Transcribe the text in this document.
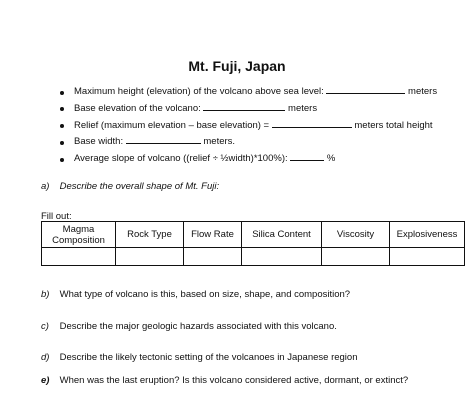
Mt. Fuji, Japan
Maximum height (elevation) of the volcano above sea level:	meters
Base elevation of the volcano:	meters
Relief (maximum elevation – base elevation) =	meters total height
Base width:	meters.
Average slope of volcano ((relief ÷ ½width)*100%):	%
a) Describe the overall shape of Mt. Fuji:
Fill out:
Magma Composition	Rock Type	Flow Rate	Silica Content	Viscosity	Explosiveness

b) What type of volcano is this, based on size, shape, and composition?
c) Describe the major geologic hazards associated with this volcano.
d) Describe the likely tectonic setting of the volcanoes in Japanese region
e) When was the last eruption? Is this volcano considered active, dormant, or extinct?
